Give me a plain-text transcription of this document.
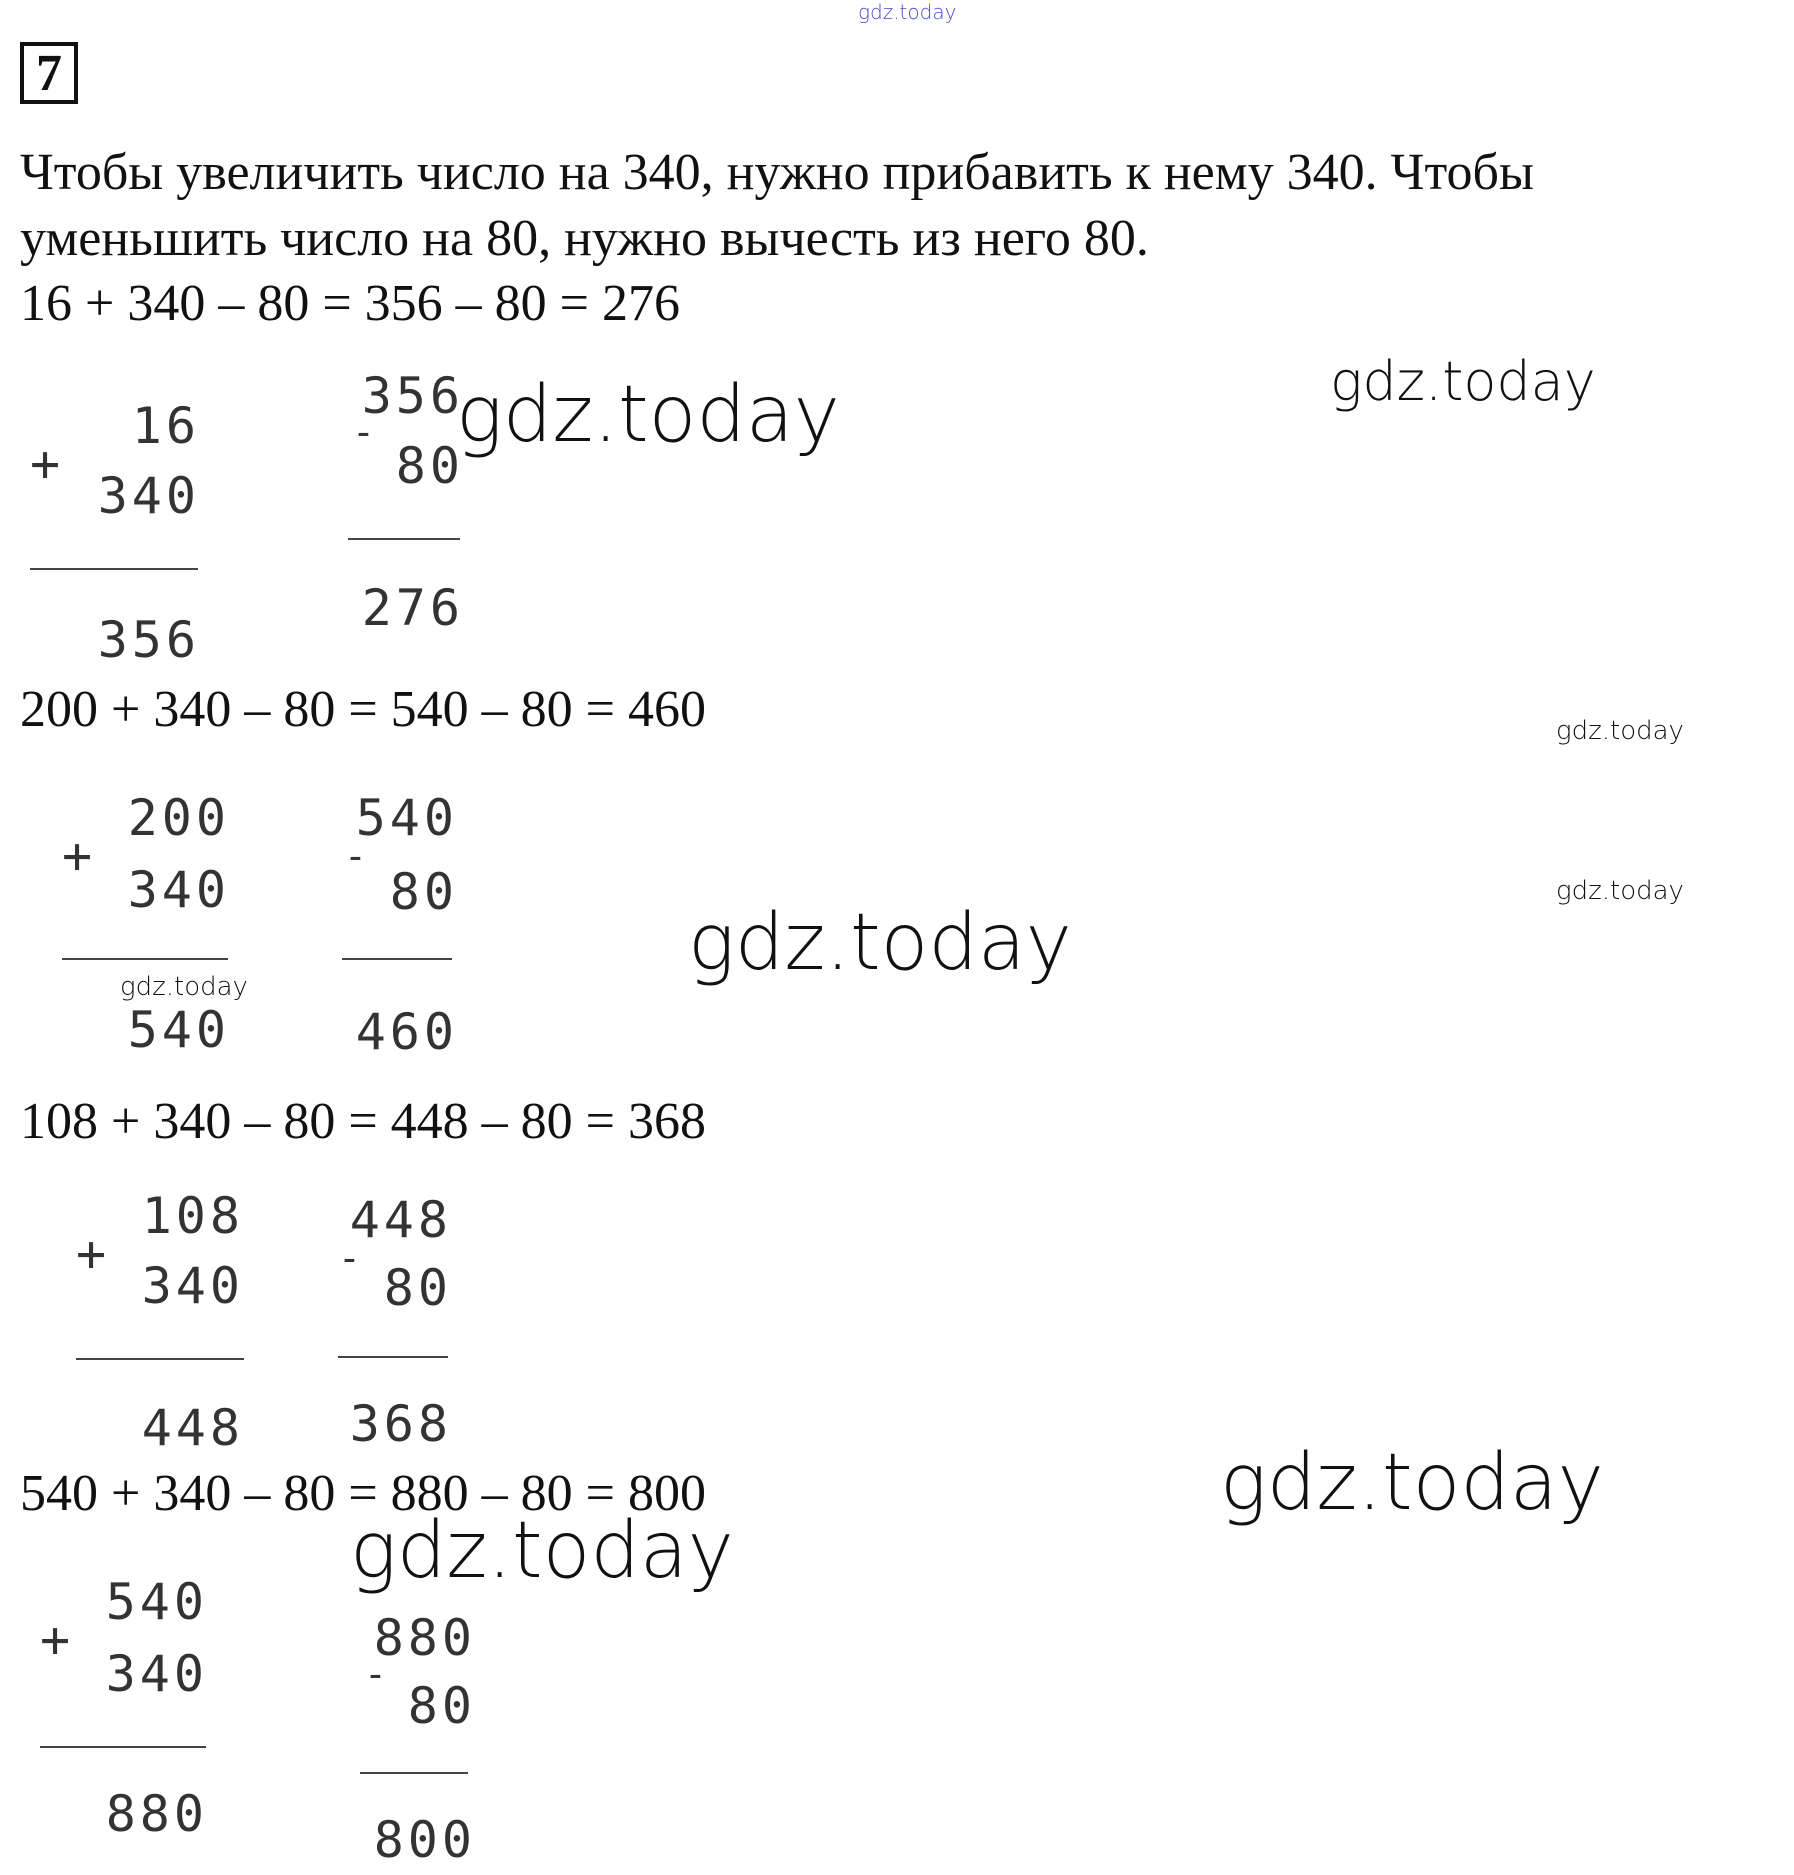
gdz.today
7
Чтобы увеличить число на 340, нужно прибавить к нему 340. Чтобы
уменьшить число на 80, нужно вычесть из него 80.
16 + 340 – 80 = 356 – 80 = 276
+
16
340
356
356
-
80
276
200 + 340 – 80 = 540 – 80 = 460
+
200
340
540
540
-
80
460
108 + 340 – 80 = 448 – 80 = 368
+
108
340
448
448
-
80
368
540 + 340 – 80 = 880 – 80 = 800
+
540
340
880
880
-
80
800
gdz.today	gdz.today
gdz.today
gdz.today
gdz.today
gdz.today
gdz.today
gdz.today
